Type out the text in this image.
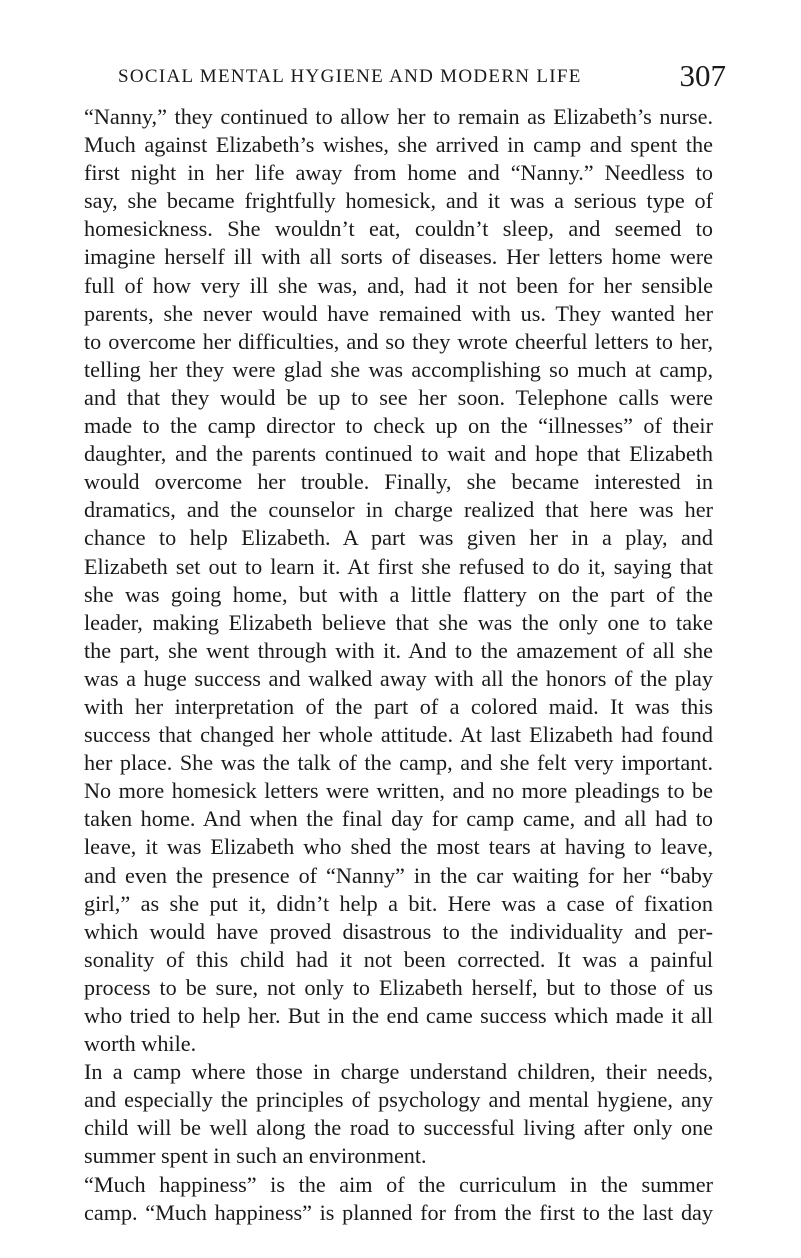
SOCIAL MENTAL HYGIENE AND MODERN LIFE	307
“Nanny,” they continued to allow her to remain as Elizabeth’s nurse.
Much against Elizabeth’s wishes, she arrived in camp and spent the
first night in her life away from home and “Nanny.” Needless to
say, she became frightfully homesick, and it was a serious type of
homesickness. She wouldn’t eat, couldn’t sleep, and seemed to
imagine herself ill with all sorts of diseases. Her letters home were
full of how very ill she was, and, had it not been for her sensible
parents, she never would have remained with us. They wanted her
to overcome her difficulties, and so they wrote cheerful letters to her,
telling her they were glad she was accomplishing so much at camp,
and that they would be up to see her soon. Telephone calls were
made to the camp director to check up on the “illnesses” of their
daughter, and the parents continued to wait and hope that Elizabeth
would overcome her trouble. Finally, she became interested in
dramatics, and the counselor in charge realized that here was her
chance to help Elizabeth. A part was given her in a play, and
Elizabeth set out to learn it. At first she refused to do it, saying that
she was going home, but with a little flattery on the part of the
leader, making Elizabeth believe that she was the only one to take
the part, she went through with it. And to the amazement of all she
was a huge success and walked away with all the honors of the play
with her interpretation of the part of a colored maid. It was this
success that changed her whole attitude. At last Elizabeth had found
her place. She was the talk of the camp, and she felt very important.
No more homesick letters were written, and no more pleadings to be
taken home. And when the final day for camp came, and all had to
leave, it was Elizabeth who shed the most tears at having to leave,
and even the presence of “Nanny” in the car waiting for her “baby
girl,” as she put it, didn’t help a bit. Here was a case of fixation
which would have proved disastrous to the individuality and per-
sonality of this child had it not been corrected. It was a painful
process to be sure, not only to Elizabeth herself, but to those of us
who tried to help her. But in the end came success which made it all
worth while.
In a camp where those in charge understand children, their needs,
and especially the principles of psychology and mental hygiene, any
child will be well along the road to successful living after only one
summer spent in such an environment.
“Much happiness” is the aim of the curriculum in the summer
camp. “Much happiness” is planned for from the first to the last day
